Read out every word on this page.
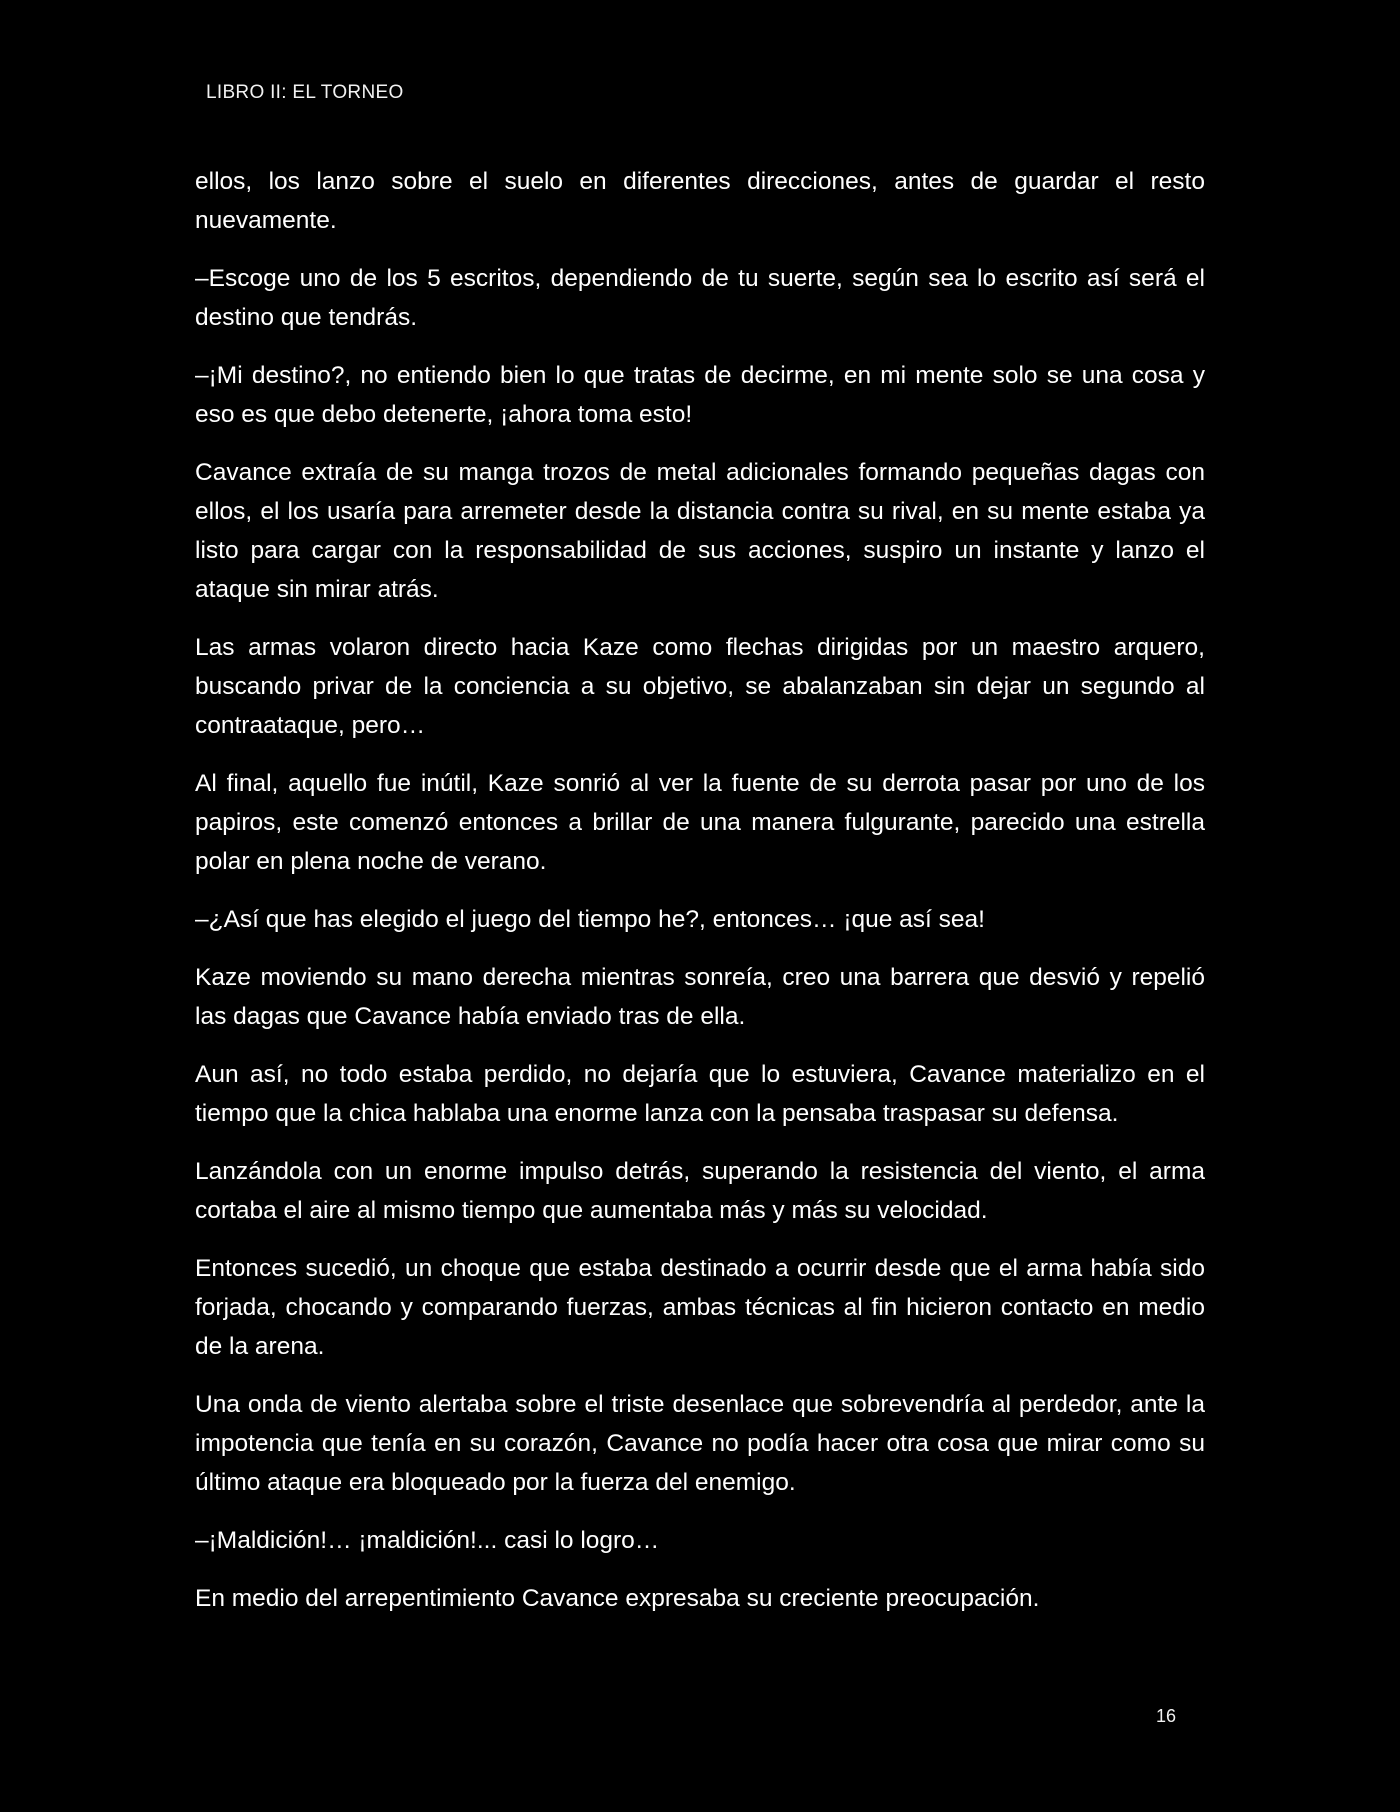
LIBRO II: EL TORNEO

ellos, los lanzo sobre el suelo en diferentes direcciones, antes de guardar el resto nuevamente.

–Escoge uno de los 5 escritos, dependiendo de tu suerte, según sea lo escrito así será el destino que tendrás.

–¡Mi destino?, no entiendo bien lo que tratas de decirme, en mi mente solo se una cosa y eso es que debo detenerte, ¡ahora toma esto!

Cavance extraía de su manga trozos de metal adicionales formando pequeñas dagas con ellos, el los usaría para arremeter desde la distancia contra su rival, en su mente estaba ya listo para cargar con la responsabilidad de sus acciones, suspiro un instante y lanzo el ataque sin mirar atrás.

Las armas volaron directo hacia Kaze como flechas dirigidas por un maestro arquero, buscando privar de la conciencia a su objetivo, se abalanzaban sin dejar un segundo al contraataque, pero…

Al final, aquello fue inútil, Kaze sonrió al ver la fuente de su derrota pasar por uno de los papiros, este comenzó entonces a brillar de una manera fulgurante, parecido una estrella polar en plena noche de verano.

–¿Así que has elegido el juego del tiempo he?, entonces… ¡que así sea!

Kaze moviendo su mano derecha mientras sonreía, creo una barrera que desvió y repelió las dagas que Cavance había enviado tras de ella.

Aun así, no todo estaba perdido, no dejaría que lo estuviera, Cavance materializo en el tiempo que la chica hablaba una enorme lanza con la pensaba traspasar su defensa.

Lanzándola con un enorme impulso detrás, superando la resistencia del viento, el arma cortaba el aire al mismo tiempo que aumentaba más y más su velocidad.

Entonces sucedió, un choque que estaba destinado a ocurrir desde que el arma había sido forjada, chocando y comparando fuerzas, ambas técnicas al fin hicieron contacto en medio de la arena.

Una onda de viento alertaba sobre el triste desenlace que sobrevendría al perdedor, ante la impotencia que tenía en su corazón, Cavance no podía hacer otra cosa que mirar como su último ataque era bloqueado por la fuerza del enemigo.

–¡Maldición!… ¡maldición!... casi lo logro…

En medio del arrepentimiento Cavance expresaba su creciente preocupación.

16
